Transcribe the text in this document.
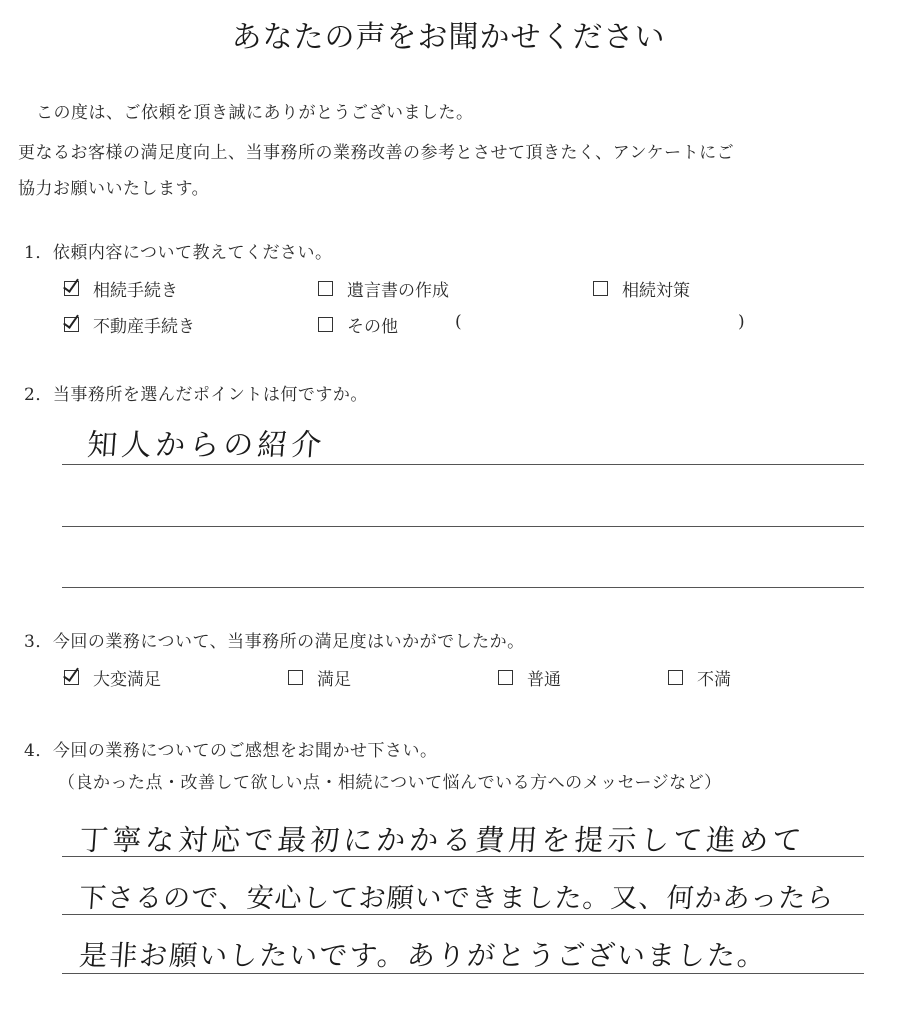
あなたの声をお聞かせください
この度は、ご依頼を頂き誠にありがとうございました。
更なるお客様の満足度向上、当事務所の業務改善の参考とさせて頂きたく、アンケートにご
協力お願いいたします。
1．依頼内容について教えてください。
相続手続き	遺言書の作成	相続対策
不動産手続き	その他	(	)
2．当事務所を選んだポイントは何ですか。
知人からの紹介
3．今回の業務について、当事務所の満足度はいかがでしたか。
大変満足	満足	普通	不満
4．今回の業務についてのご感想をお聞かせ下さい。
（良かった点・改善して欲しい点・相続について悩んでいる方へのメッセージなど）
丁寧な対応で最初にかかる費用を提示して進めて
下さるので、安心してお願いできました。又、何かあったら
是非お願いしたいです。ありがとうございました。
